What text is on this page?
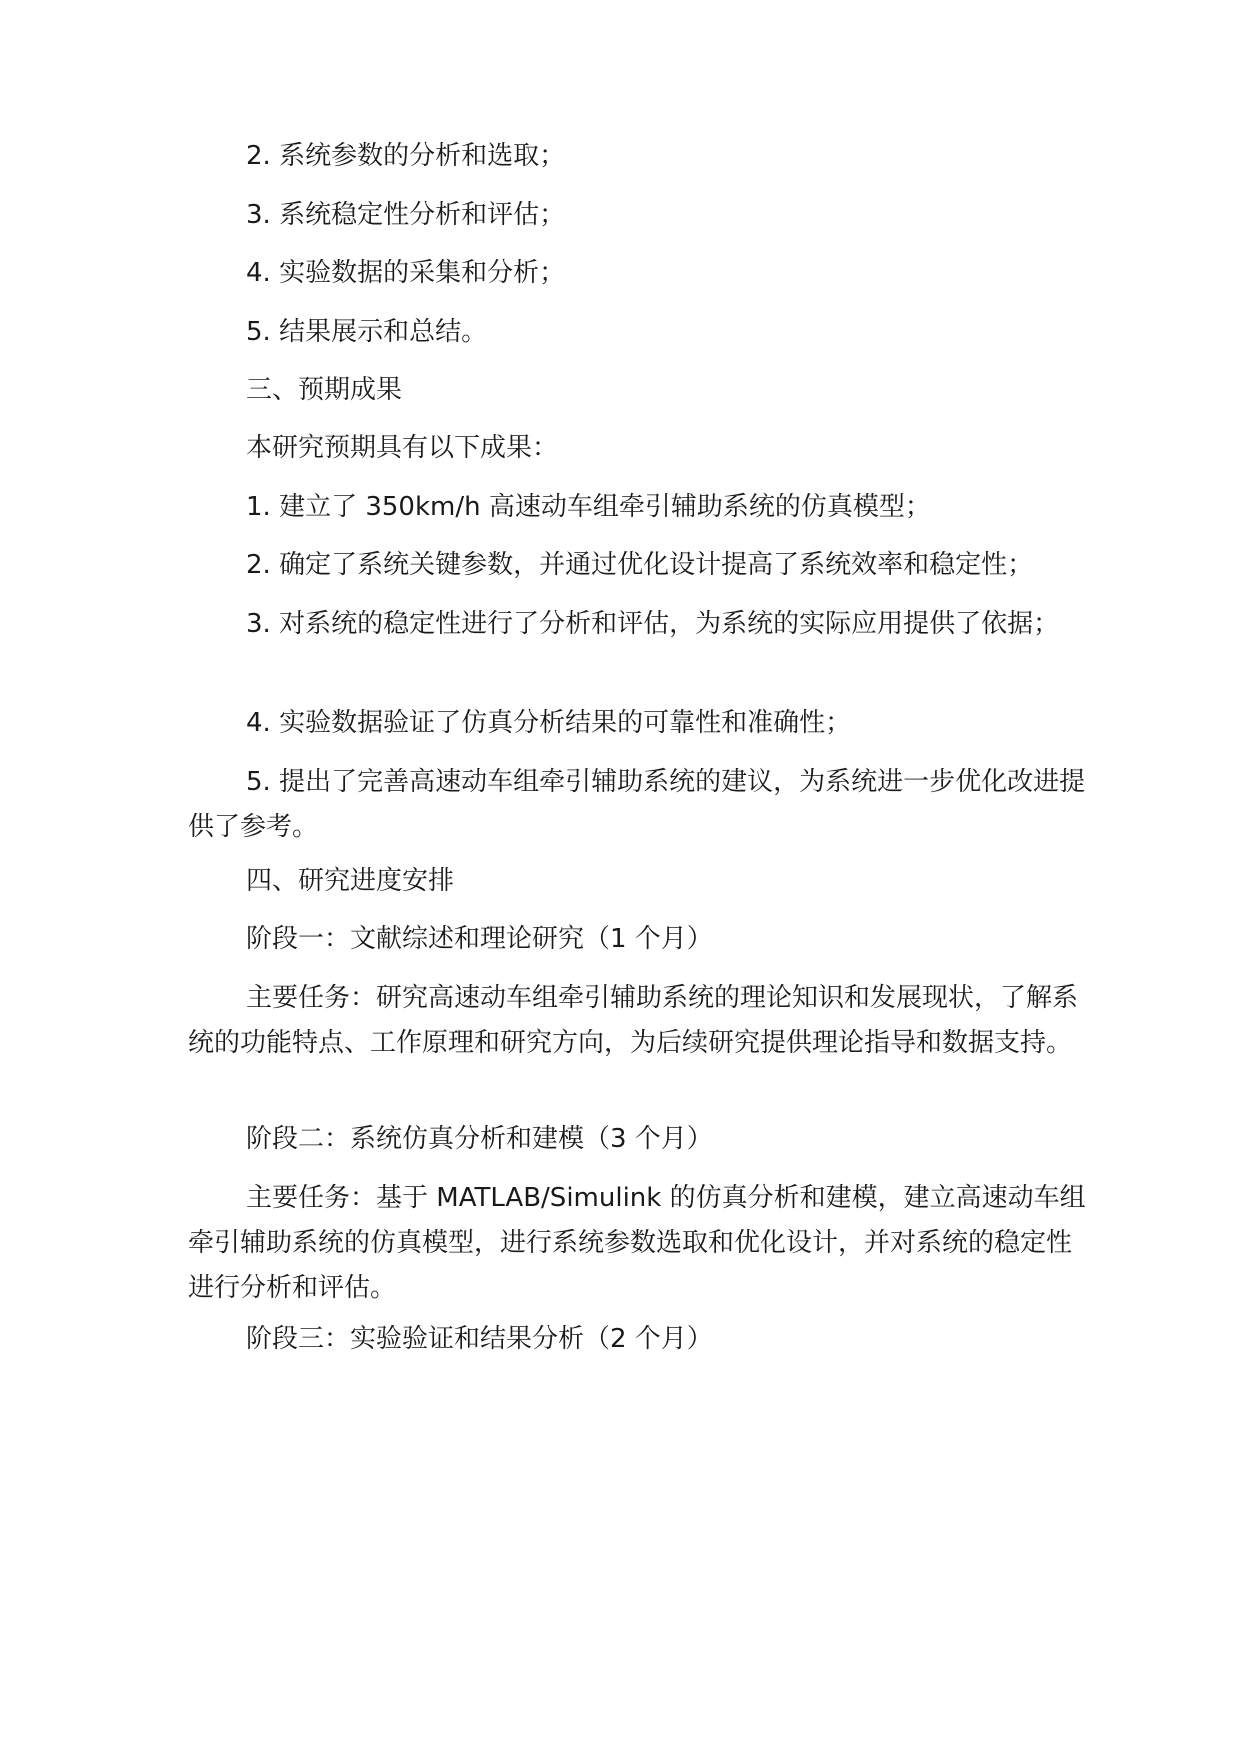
2. 系统参数的分析和选取；

3. 系统稳定性分析和评估；

4. 实验数据的采集和分析；

5. 结果展示和总结。

三、预期成果

本研究预期具有以下成果：

1. 建立了 350km/h 高速动车组牵引辅助系统的仿真模型；

2. 确定了系统关键参数，并通过优化设计提高了系统效率和稳定性；

3. 对系统的稳定性进行了分析和评估，为系统的实际应用提供了依据；

4. 实验数据验证了仿真分析结果的可靠性和准确性；

5. 提出了完善高速动车组牵引辅助系统的建议，为系统进一步优化改进提供了参考。

四、研究进度安排

阶段一：文献综述和理论研究（1 个月）

主要任务：研究高速动车组牵引辅助系统的理论知识和发展现状，了解系统的功能特点、工作原理和研究方向，为后续研究提供理论指导和数据支持。

阶段二：系统仿真分析和建模（3 个月）

主要任务：基于 MATLAB/Simulink 的仿真分析和建模，建立高速动车组牵引辅助系统的仿真模型，进行系统参数选取和优化设计，并对系统的稳定性进行分析和评估。

阶段三：实验验证和结果分析（2 个月）
